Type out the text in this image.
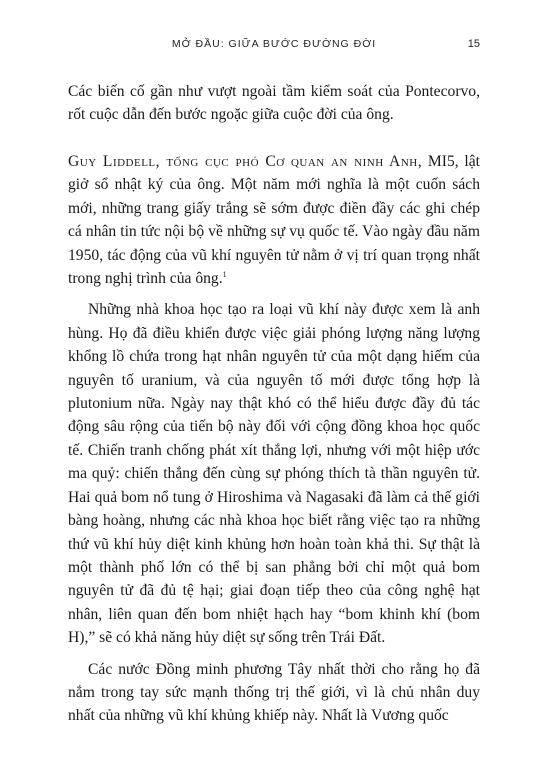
MỞ ĐẦU: GIỮA BƯỚC ĐƯỜNG ĐỜI	15

Các biến cố gần như vượt ngoài tầm kiểm soát của Pontecorvo, rốt cuộc dẫn đến bước ngoặc giữa cuộc đời của ông.

Guy Liddell, tổng cục phó Cơ quan an ninh Anh, MI5, lật giở sổ nhật ký của ông. Một năm mới nghĩa là một cuốn sách mới, những trang giấy trắng sẽ sớm được điền đầy các ghi chép cá nhân tin tức nội bộ về những sự vụ quốc tế. Vào ngày đầu năm 1950, tác động của vũ khí nguyên tử nằm ở vị trí quan trọng nhất trong nghị trình của ông.$^1$

Những nhà khoa học tạo ra loại vũ khí này được xem là anh hùng. Họ đã điều khiển được việc giải phóng lượng năng lượng khổng lồ chứa trong hạt nhân nguyên tử của một dạng hiếm của nguyên tố uranium, và của nguyên tố mới được tổng hợp là plutonium nữa. Ngày nay thật khó có thể hiểu được đầy đủ tác động sâu rộng của tiến bộ này đối với cộng đồng khoa học quốc tế. Chiến tranh chống phát xít thắng lợi, nhưng với một hiệp ước ma quỷ: chiến thắng đến cùng sự phóng thích tà thần nguyên tử. Hai quả bom nổ tung ở Hiroshima và Nagasaki đã làm cả thế giới bàng hoàng, nhưng các nhà khoa học biết rằng việc tạo ra những thứ vũ khí hủy diệt kinh khủng hơn hoàn toàn khả thi. Sự thật là một thành phố lớn có thể bị san phẳng bởi chỉ một quả bom nguyên tử đã đủ tệ hại; giai đoạn tiếp theo của công nghệ hạt nhân, liên quan đến bom nhiệt hạch hay “bom khinh khí (bom H),” sẽ có khả năng hủy diệt sự sống trên Trái Đất.

Các nước Đồng minh phương Tây nhất thời cho rằng họ đã nắm trong tay sức mạnh thống trị thế giới, vì là chủ nhân duy nhất của những vũ khí khủng khiếp này. Nhất là Vương quốc
